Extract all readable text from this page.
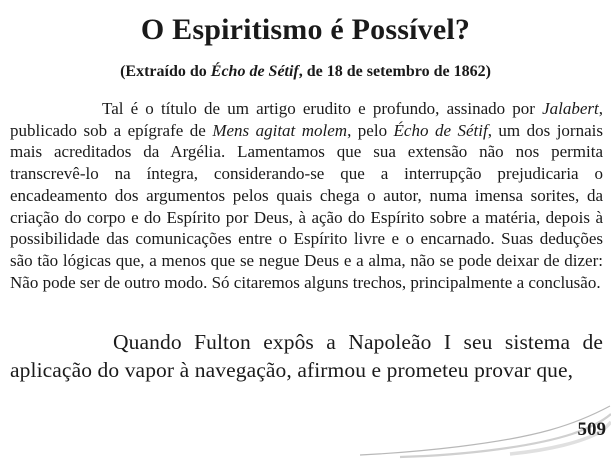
O Espiritismo é Possível?

(Extraído do Écho de Sétif, de 18 de setembro de 1862)

Tal é o título de um artigo erudito e profundo, assinado por Jalabert, publicado sob a epígrafe de Mens agitat molem, pelo Écho de Sétif, um dos jornais mais acreditados da Argélia. Lamentamos que sua extensão não nos permita transcrevê-lo na íntegra, considerando-se que a interrupção prejudicaria o encadeamento dos argumentos pelos quais chega o autor, numa imensa sorites, da criação do corpo e do Espírito por Deus, à ação do Espírito sobre a matéria, depois à possibilidade das comunicações entre o Espírito livre e o encarnado. Suas deduções são tão lógicas que, a menos que se negue Deus e a alma, não se pode deixar de dizer: Não pode ser de outro modo. Só citaremos alguns trechos, principalmente a conclusão.

Quando Fulton expôs a Napoleão I seu sistema de aplicação do vapor à navegação, afirmou e prometeu provar que,

509
